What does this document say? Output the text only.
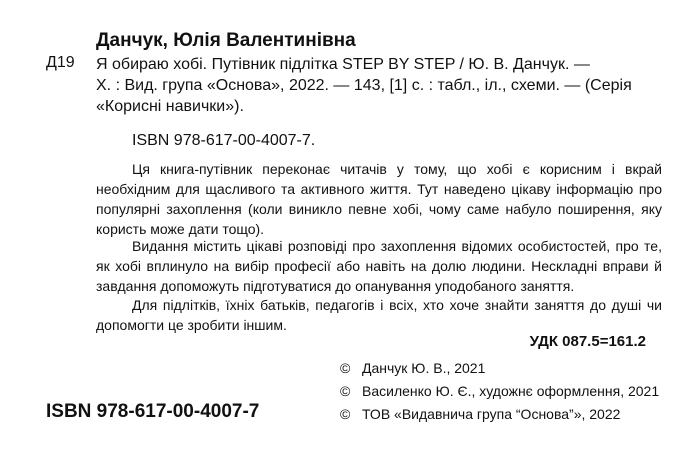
Данчук, Юлія Валентинівна
Д19 Я обираю хобі. Путівник підлітка STEP BY STEP / Ю. В. Данчук. —
Х. : Вид. група «Основа», 2022. — 143, [1] с. : табл., іл., схеми. — (Серія
«Корисні навички»).
ISBN 978-617-00-4007-7.
Ця книга-путівник переконає читачів у тому, що хобі є корисним і вкрай необхідним для щасливого та активного життя. Тут наведено цікаву інформацію про популярні захоплення (коли виникло певне хобі, чому саме набуло поширення, яку користь може дати тощо).
Видання містить цікаві розповіді про захоплення відомих особистостей, про те, як хобі вплинуло на вибір професії або навіть на долю людини. Нескладні вправи й завдання допоможуть підготуватися до опанування уподобаного заняття.
Для підлітків, їхніх батьків, педагогів і всіх, хто хоче знайти заняття до душі чи допомогти це зробити іншим.
УДК 087.5=161.2
© Данчук Ю. В., 2021
© Василенко Ю. Є., художнє оформлення, 2021
© ТОВ «Видавнича група “Основа”», 2022
ISBN 978-617-00-4007-7
